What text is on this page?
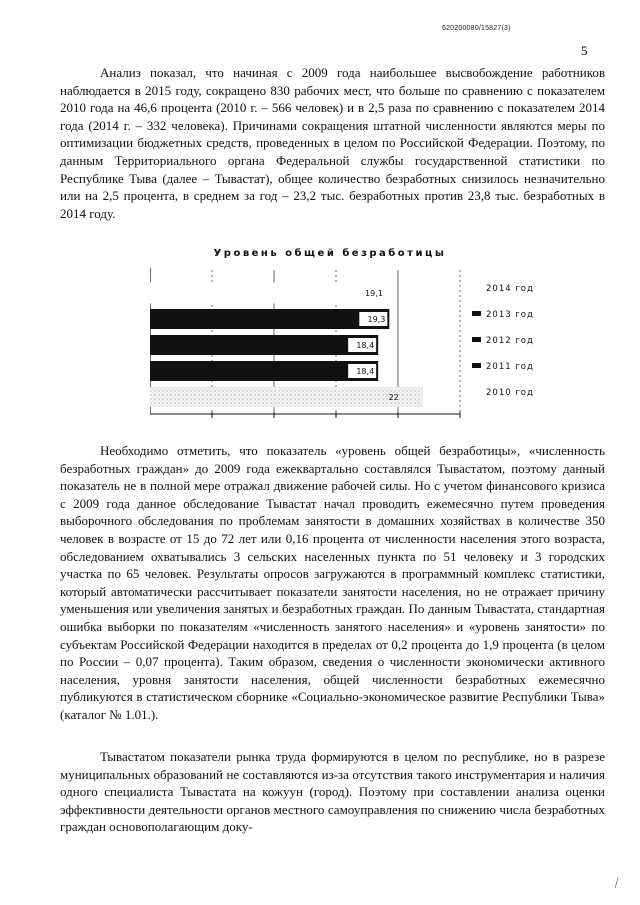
620200080/15827(3)
5

Анализ показал, что начиная с 2009 года наибольшее высвобождение работников наблюдается в 2015 году, сокращено 830 рабочих мест, что больше по сравнению с показателем 2010 года на 46,6 процента (2010 г. – 566 человек) и в 2,5 раза по сравнению с показателем 2014 года (2014 г. – 332 человека). Причинами сокращения штатной численности являются меры по оптимизации бюджетных средств, проведенных в целом по Российской Федерации. Поэтому, по данным Территориального органа Федеральной службы государственной статистики по Республике Тыва (далее – Тывастат), общее количество безработных снизилось незначительно или на 2,5 процента, в среднем за год – 23,2 тыс. безработных против 23,8 тыс. безработных в 2014 году.

Уровень общей безработицы
19,1	2014 год
19,3	2013 год
18,4	2012 год
18,4	2011 год
22	2010 год

Необходимо отметить, что показатель «уровень общей безработицы», «численность безработных граждан» до 2009 года ежеквартально составлялся Тывастатом, поэтому данный показатель не в полной мере отражал движение рабочей силы. Но с учетом финансового кризиса с 2009 года данное обследование Тывастат начал проводить ежемесячно путем проведения выборочного обследования по проблемам занятости в домашних хозяйствах в количестве 350 человек в возрасте от 15 до 72 лет или 0,16 процента от численности населения этого возраста, обследованием охватывались 3 сельских населенных пункта по 51 человеку и 3 городских участка по 65 человек. Результаты опросов загружаются в программный комплекс статистики, который автоматически рассчитывает показатели занятости населения, но не отражает причину уменьшения или увеличения занятых и безработных граждан. По данным Тывастата, стандартная ошибка выборки по показателям «численность занятого населения» и «уровень занятости» по субъектам Российской Федерации находится в пределах от 0,2 процента до 1,9 процента (в целом по России – 0,07 процента). Таким образом, сведения о численности экономически активного населения, уровня занятости населения, общей численности безработных ежемесячно публикуются в статистическом сборнике «Социально-экономическое развитие Республики Тыва» (каталог № 1.01.).

Тывастатом показатели рынка труда формируются в целом по республике, но в разрезе муниципальных образований не составляются из-за отсутствия такого инструментария и наличия одного специалиста Тывастата на кожуун (город). Поэтому при составлении анализа оценки эффективности деятельности органов местного самоуправления по снижению числа безработных граждан основополагающим доку-

⁄
